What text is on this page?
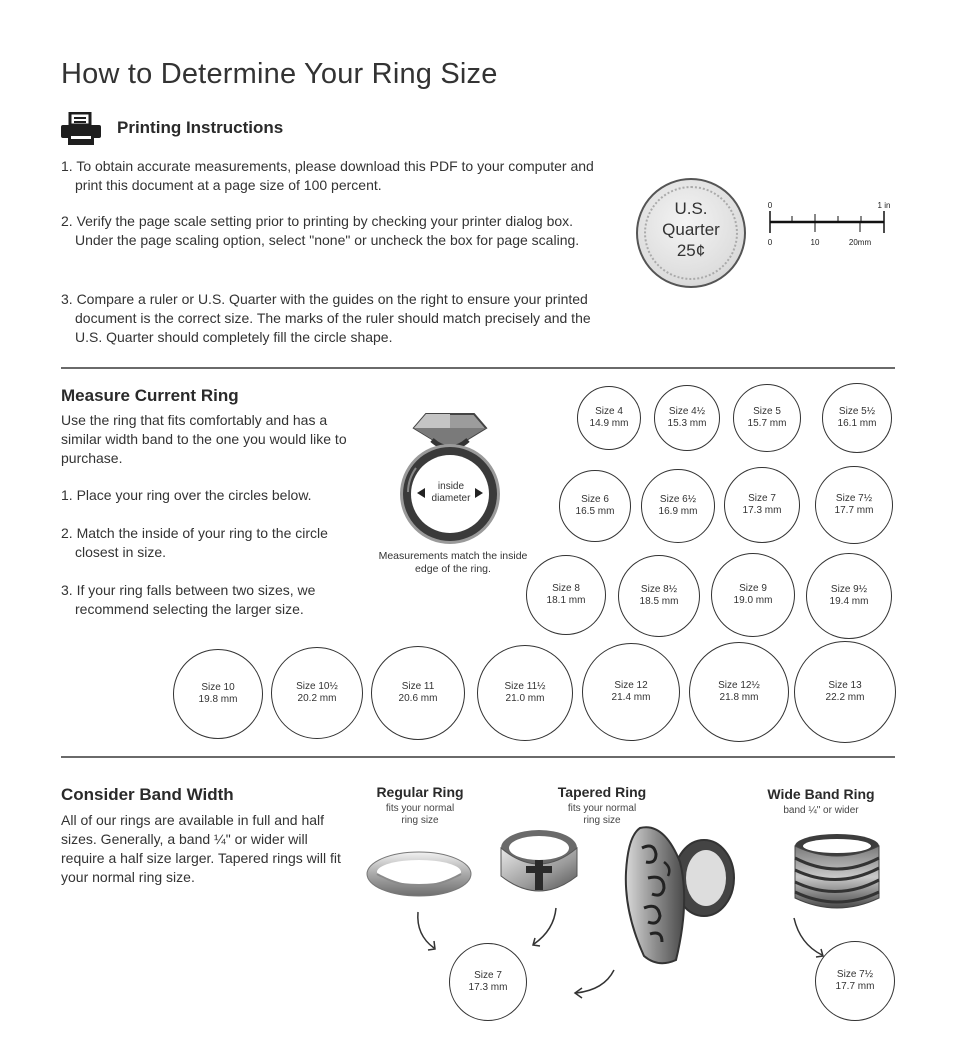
How to Determine Your Ring Size
Printing Instructions
1. To obtain accurate measurements, please download this PDF to your computer and print this document at a page size of 100 percent.
2. Verify the page scale setting prior to printing by checking your printer dialog box. Under the page scaling option, select "none" or uncheck the box for page scaling.
3. Compare a ruler or U.S. Quarter with the guides on the right to ensure your printed document is the correct size. The marks of the ruler should match precisely and the U.S. Quarter should completely fill the circle shape.
U.S.
Quarter
25¢
0	1 in
0	10	20mm
Measure Current Ring
Use the ring that fits comfortably and has a similar width band to the one you would like to purchase.
1. Place your ring over the circles below.
2. Match the inside of your ring to the circle closest in size.
3. If your ring falls between two sizes, we recommend selecting the larger size.
inside
diameter
Measurements match the inside edge of the ring.
Size 4
14.9 mm
Size 4½
15.3 mm
Size 5
15.7 mm
Size 5½
16.1 mm
Size 6
16.5 mm
Size 6½
16.9 mm
Size 7
17.3 mm
Size 7½
17.7 mm
Size 8
18.1 mm
Size 8½
18.5 mm
Size 9
19.0 mm
Size 9½
19.4 mm
Size 10
19.8 mm
Size 10½
20.2 mm
Size 11
20.6 mm
Size 11½
21.0 mm
Size 12
21.4 mm
Size 12½
21.8 mm
Size 13
22.2 mm
Consider Band Width
All of our rings are available in full and half sizes. Generally, a band ¼" or wider will require a half size larger. Tapered rings will fit your normal ring size.
Regular Ring
fits your normal
ring size
Tapered Ring
fits your normal
ring size
Wide Band Ring
band ¼" or wider
Size 7
17.3 mm
Size 7½
17.7 mm
